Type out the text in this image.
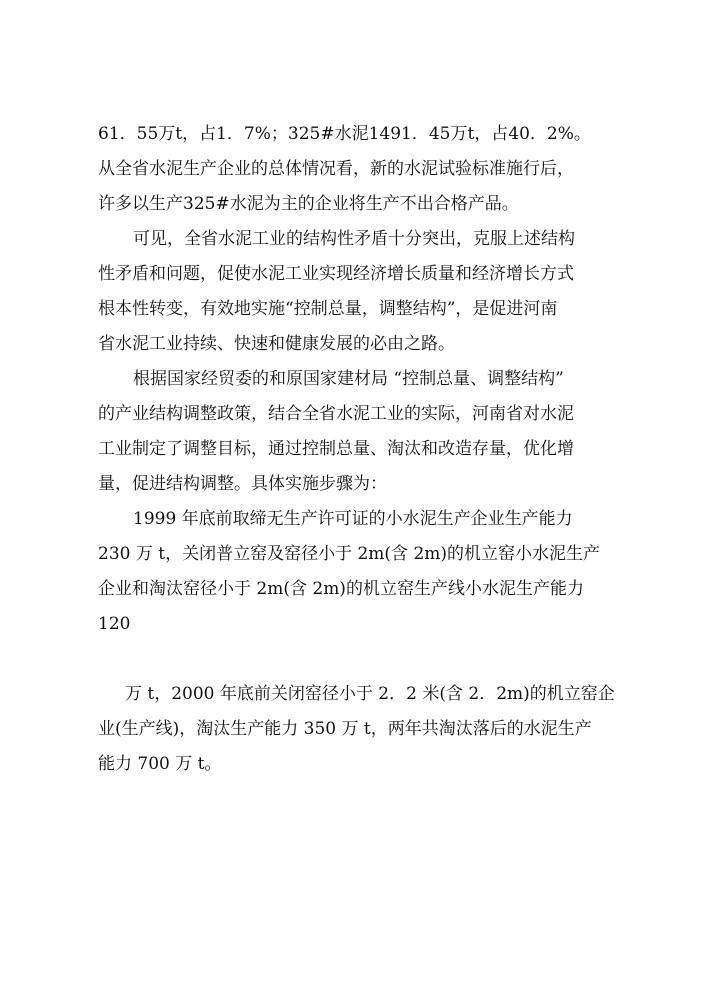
61．55万t，占1．7%；325#水泥1491．45万t，占40．2%。
从全省水泥生产企业的总体情况看，新的水泥试验标准施行后，
许多以生产325#水泥为主的企业将生产不出合格产品。
可见，全省水泥工业的结构性矛盾十分突出，克服上述结构
性矛盾和问题，促使水泥工业实现经济增长质量和经济增长方式
根本性转变，有效地实施“控制总量，调整结构”，是促进河南
省水泥工业持续、快速和健康发展的必由之路。
根据国家经贸委的和原国家建材局 “控制总量、调整结构”
的产业结构调整政策，结合全省水泥工业的实际，河南省对水泥
工业制定了调整目标，通过控制总量、淘汰和改造存量，优化增
量，促进结构调整。具体实施步骤为：
1999 年底前取缔无生产许可证的小水泥生产企业生产能力
230 万 t，关闭普立窑及窑径小于 2m(含 2m)的机立窑小水泥生产
企业和淘汰窑径小于 2m(含 2m)的机立窑生产线小水泥生产能力
120
万 t，2000 年底前关闭窑径小于 2．2 米(含 2．2m)的机立窑企
业(生产线)，淘汰生产能力 350 万 t，两年共淘汰落后的水泥生产
能力 700 万 t。
